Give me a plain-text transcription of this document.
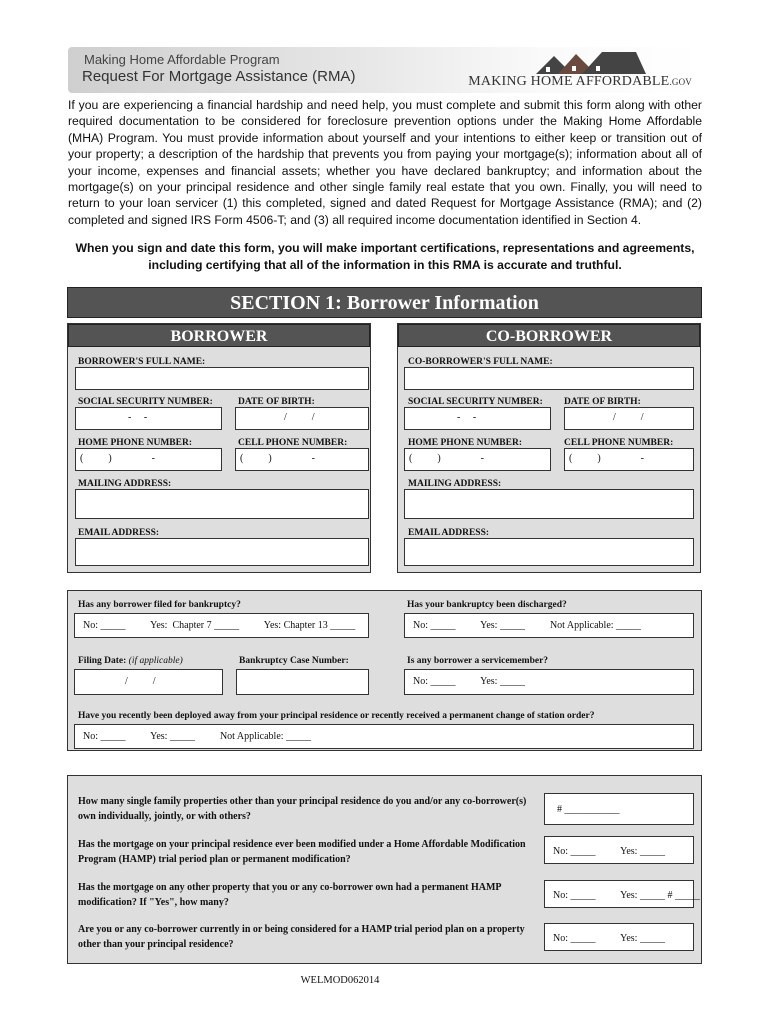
Making Home Affordable Program
Request For Mortgage Assistance (RMA)	MAKING HOME AFFORDABLE.GOV
If you are experiencing a financial hardship and need help, you must complete and submit this form along with other required documentation to be considered for foreclosure prevention options under the Making Home Affordable (MHA) Program. You must provide information about yourself and your intentions to either keep or transition out of your property; a description of the hardship that prevents you from paying your mortgage(s); information about all of your income, expenses and financial assets; whether you have declared bankruptcy; and information about the mortgage(s) on your principal residence and other single family real estate that you own. Finally, you will need to return to your loan servicer (1) this completed, signed and dated Request for Mortgage Assistance (RMA); and (2) completed and signed IRS Form 4506-T; and (3) all required income documentation identified in Section 4.
When you sign and date this form, you will make important certifications, representations and agreements, including certifying that all of the information in this RMA is accurate and truthful.
SECTION 1: Borrower Information
BORROWER
BORROWER'S FULL NAME:
SOCIAL SECURITY NUMBER:
-     -
DATE OF BIRTH:
/          /
HOME PHONE NUMBER:
(          )                -
CELL PHONE NUMBER:
(          )                -
MAILING ADDRESS:
EMAIL ADDRESS:
CO-BORROWER
CO-BORROWER'S FULL NAME:
SOCIAL SECURITY NUMBER:
-     -
DATE OF BIRTH:
/          /
HOME PHONE NUMBER:
(          )                -
CELL PHONE NUMBER:
(          )                -
MAILING ADDRESS:
EMAIL ADDRESS:
Has any borrower filed for bankruptcy?
No: _____          Yes:  Chapter 7 _____          Yes: Chapter 13 _____
Has your bankruptcy been discharged?
No: _____          Yes: _____          Not Applicable: _____
Filing Date: (if applicable)
/          /
Bankruptcy Case Number:	Is any borrower a servicemember?
No: _____          Yes: _____
Have you recently been deployed away from your principal residence or recently received a permanent change of station order?
No: _____          Yes: _____          Not Applicable: _____
How many single family properties other than your principal residence do you and/or any co-borrower(s) own individually, jointly, or with others?
# ___________
Has the mortgage on your principal residence ever been modified under a Home Affordable Modification Program (HAMP) trial period plan or permanent modification?
No: _____          Yes: _____
Has the mortgage on any other property that you or any co-borrower own had a permanent HAMP modification? If "Yes", how many?
No: _____          Yes: _____ # _____
Are you or any co-borrower currently in or being considered for a HAMP trial period plan on a property other than your principal residence?
No: _____          Yes: _____
WELMOD062014
